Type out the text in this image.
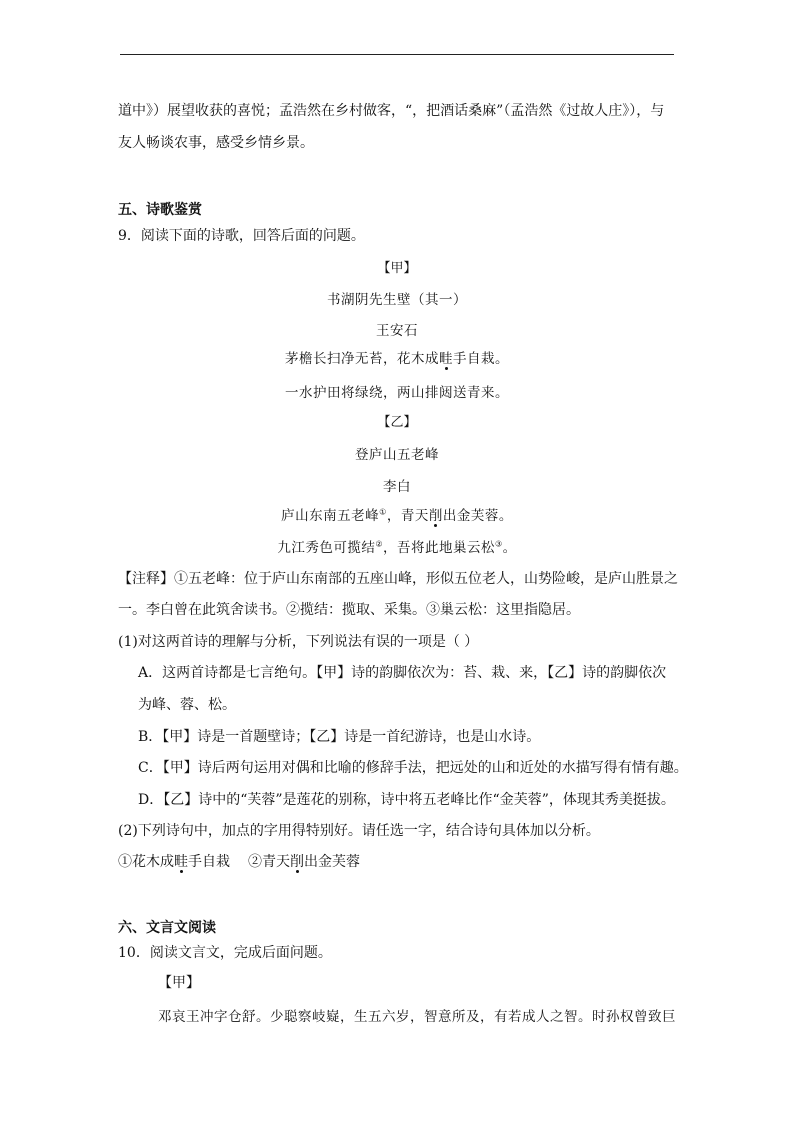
道中》）展望收获的喜悦；孟浩然在乡村做客，“，把酒话桑麻”（孟浩然《过故人庄》），与
友人畅谈农事，感受乡情乡景。
五、诗歌鉴赏
9．阅读下面的诗歌，回答后面的问题。
【甲】
书湖阴先生壁（其一）
王安石
茅檐长扫净无苔，花木成畦手自栽。
一水护田将绿绕，两山排闼送青来。
【乙】
登庐山五老峰
李白
庐山东南五老峰①，青天削出金芙蓉。
九江秀色可揽结②，吾将此地巢云松③。
【注释】①五老峰：位于庐山东南部的五座山峰，形似五位老人，山势险峻，是庐山胜景之
一。李白曾在此筑舍读书。②揽结：揽取、采集。③巢云松：这里指隐居。
(1)对这两首诗的理解与分析，下列说法有误的一项是（ ）
A．这两首诗都是七言绝句。【甲】诗的韵脚依次为：苔、栽、来，【乙】诗的韵脚依次
为峰、蓉、松。
B．【甲】诗是一首题壁诗；【乙】诗是一首纪游诗，也是山水诗。
C．【甲】诗后两句运用对偶和比喻的修辞手法，把远处的山和近处的水描写得有情有趣。
D．【乙】诗中的“芙蓉”是莲花的别称，诗中将五老峰比作“金芙蓉”，体现其秀美挺拔。
(2)下列诗句中，加点的字用得特别好。请任选一字，结合诗句具体加以分析。
①花木成畦手自栽 ②青天削出金芙蓉
六、文言文阅读
10．阅读文言文，完成后面问题。
【甲】
邓哀王冲字仓舒。少聪察岐嶷，生五六岁，智意所及，有若成人之智。时孙权曾致巨
